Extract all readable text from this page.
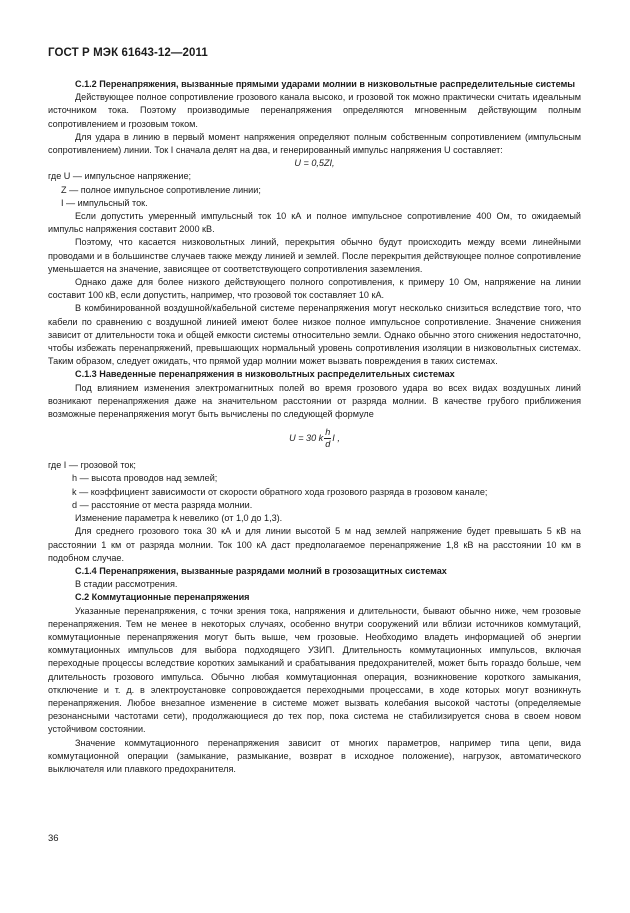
ГОСТ Р МЭК 61643-12—2011

С.1.2 Перенапряжения, вызванные прямыми ударами молнии в низковольтные распределительные системы

Действующее полное сопротивление грозового канала высоко, и грозовой ток можно практически считать идеальным источником тока. Поэтому производимые перенапряжения определяются мгновенным действующим полным сопротивлением и грозовым током.

Для удара в линию в первый момент напряжения определяют полным собственным сопротивлением (импульсным сопротивлением) линии. Ток I сначала делят на два, и генерированный импульс напряжения U составляет:

U = 0,5ZI,

где U — импульсное напряжение;

Z — полное импульсное сопротивление линии;

I — импульсный ток.

Если допустить умеренный импульсный ток 10 кА и полное импульсное сопротивление 400 Ом, то ожидаемый импульс напряжения составит 2000 кВ.

Поэтому, что касается низковольтных линий, перекрытия обычно будут происходить между всеми линейными проводами и в большинстве случаев также между линией и землей. После перекрытия действующее полное сопротивление уменьшается на значение, зависящее от соответствующего сопротивления заземления.

Однако даже для более низкого действующего полного сопротивления, к примеру 10 Ом, напряжение на линии составит 100 кВ, если допустить, например, что грозовой ток составляет 10 кА.

В комбинированной воздушной/кабельной системе перенапряжения могут несколько снизиться вследствие того, что кабели по сравнению с воздушной линией имеют более низкое полное импульсное сопротивление. Значение снижения зависит от длительности тока и общей емкости системы относительно земли. Однако обычно этого снижения недостаточно, чтобы избежать перенапряжений, превышающих нормальный уровень сопротивления изоляции в низковольтных системах. Таким образом, следует ожидать, что прямой удар молнии может вызвать повреждения в таких системах.

С.1.3 Наведенные перенапряжения в низковольтных распределительных системах

Под влиянием изменения электромагнитных полей во время грозового удара во всех видах воздушных линий возникают перенапряжения даже на значительном расстоянии от разряда молнии. В качестве грубого приближения возможные перенапряжения могут быть вычислены по следующей формуле

U = 30 k $\frac{h}{d}$ I ,

где I — грозовой ток;

h — высота проводов над землей;

k — коэффициент зависимости от скорости обратного хода грозового разряда в грозовом канале;

d — расстояние от места разряда молнии.

Изменение параметра k невелико (от 1,0 до 1,3).

Для среднего грозового тока 30 кА и для линии высотой 5 м над землей напряжение будет превышать 5 кВ на расстоянии 1 км от разряда молнии. Ток 100 кА даст предполагаемое перенапряжение 1,8 кВ на расстоянии 10 км в подобном случае.

С.1.4 Перенапряжения, вызванные разрядами молний в грозозащитных системах

В стадии рассмотрения.

С.2 Коммутационные перенапряжения

Указанные перенапряжения, с точки зрения тока, напряжения и длительности, бывают обычно ниже, чем грозовые перенапряжения. Тем не менее в некоторых случаях, особенно внутри сооружений или вблизи источников коммутаций, коммутационные перенапряжения могут быть выше, чем грозовые. Необходимо владеть информацией об энергии коммутационных импульсов для выбора подходящего УЗИП. Длительность коммутационных импульсов, включая переходные процессы вследствие коротких замыканий и срабатывания предохранителей, может быть гораздо больше, чем длительность грозового импульса. Обычно любая коммутационная операция, возникновение короткого замыкания, отключение и т. д. в электроустановке сопровождается переходными процессами, в ходе которых могут возникнуть перенапряжения. Любое внезапное изменение в системе может вызвать колебания высокой частоты (определяемые резонансными частотами сети), продолжающиеся до тех пор, пока система не стабилизируется снова в своем новом устойчивом состоянии.

Значение коммутационного перенапряжения зависит от многих параметров, например типа цепи, вида коммутационной операции (замыкание, размыкание, возврат в исходное положение), нагрузок, автоматического выключателя или плавкого предохранителя.

36
